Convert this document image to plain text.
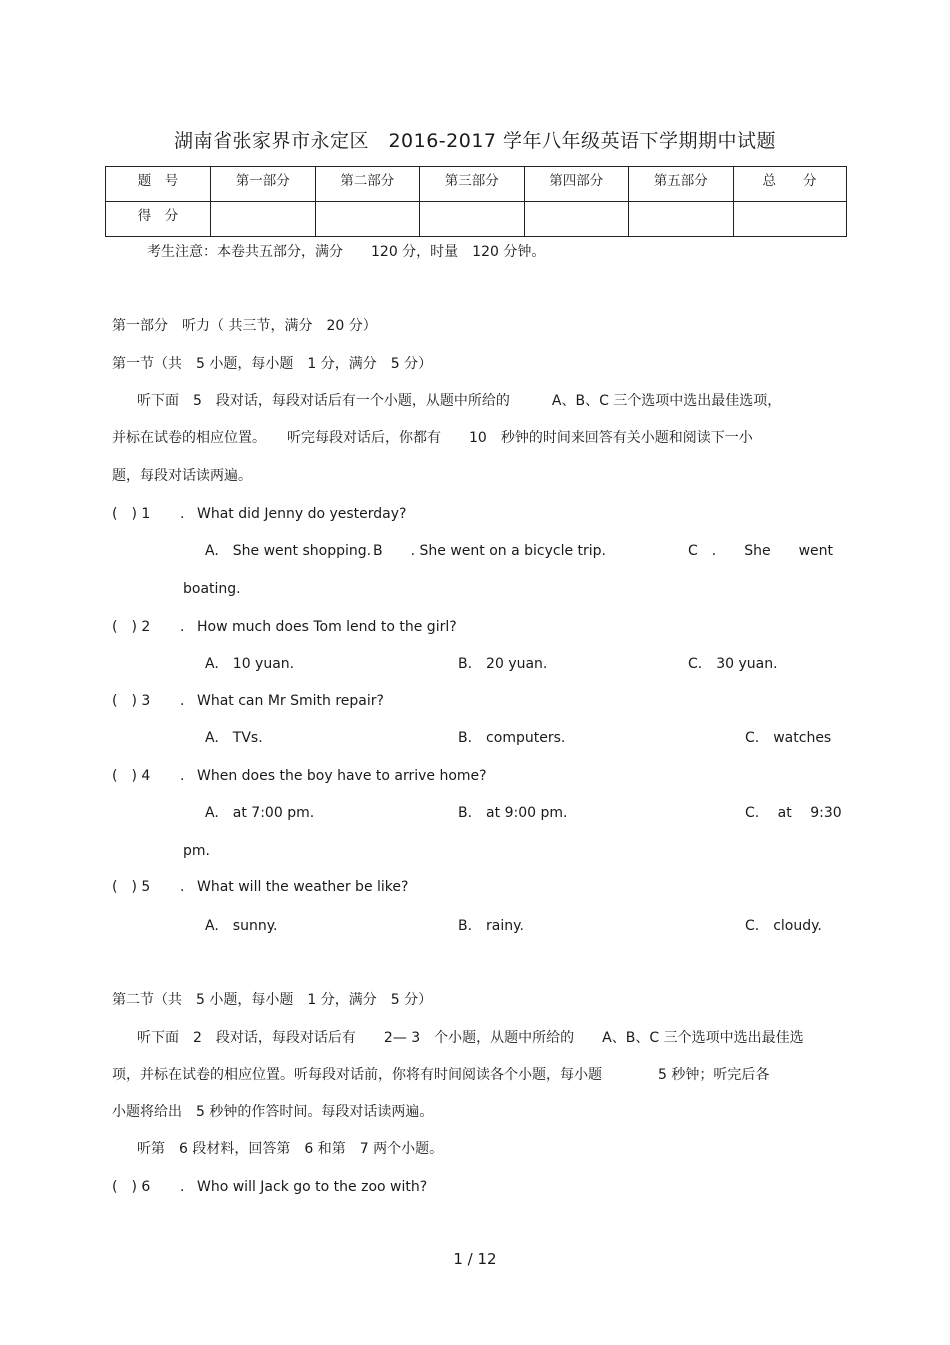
湖南省张家界市永定区　2016-2017 学年八年级英语下学期期中试题
题　号	第一部分	第二部分	第三部分	第四部分	第五部分	总　　分
得　分						
考生注意：本卷共五部分，满分　　120 分，时量　120 分钟。
第一部分　听力（ 共三节，满分　20 分）
第一节（共　5 小题，每小题　1 分，满分　5 分）
听下面　5　段对话，每段对话后有一个小题，从题中所给的　　　A、B、C 三个选项中选出最佳选项，
并标在试卷的相应位置。　　听完每段对话后，你都有　　10　秒钟的时间来回答有关小题和阅读下一小
题，每段对话读两遍。
(　) 1 . What did Jenny do yesterday?
A.　She went shopping. B　　. She went on a bicycle trip.	C　.　　She　　went
boating.
(　) 2 . How much does Tom lend to the girl?
A.　10 yuan.	B.　20 yuan.	C.　30 yuan.
(　) 3 . What can Mr Smith repair?
A.　TVs.	B.　computers.	C.　watches
(　) 4 . When does the boy have to arrive home?
A.　at 7:00 pm.	B.　at 9:00 pm.	C.　 at　 9:30
pm.
(　) 5 . What will the weather be like?
A.　sunny.	B.　rainy.	C.　cloudy.
第二节（共　5 小题，每小题　1 分，满分　5 分）
听下面　2　段对话，每段对话后有　　2— 3　个小题，从题中所给的　　A、B、C 三个选项中选出最佳选
项，并标在试卷的相应位置。听每段对话前，你将有时间阅读各个小题，每小题　　　　5 秒钟；听完后各
小题将给出　5 秒钟的作答时间。每段对话读两遍。
听第　6 段材料，回答第　6 和第　7 两个小题。
(　) 6 . Who will Jack go to the zoo with?
1 / 12
